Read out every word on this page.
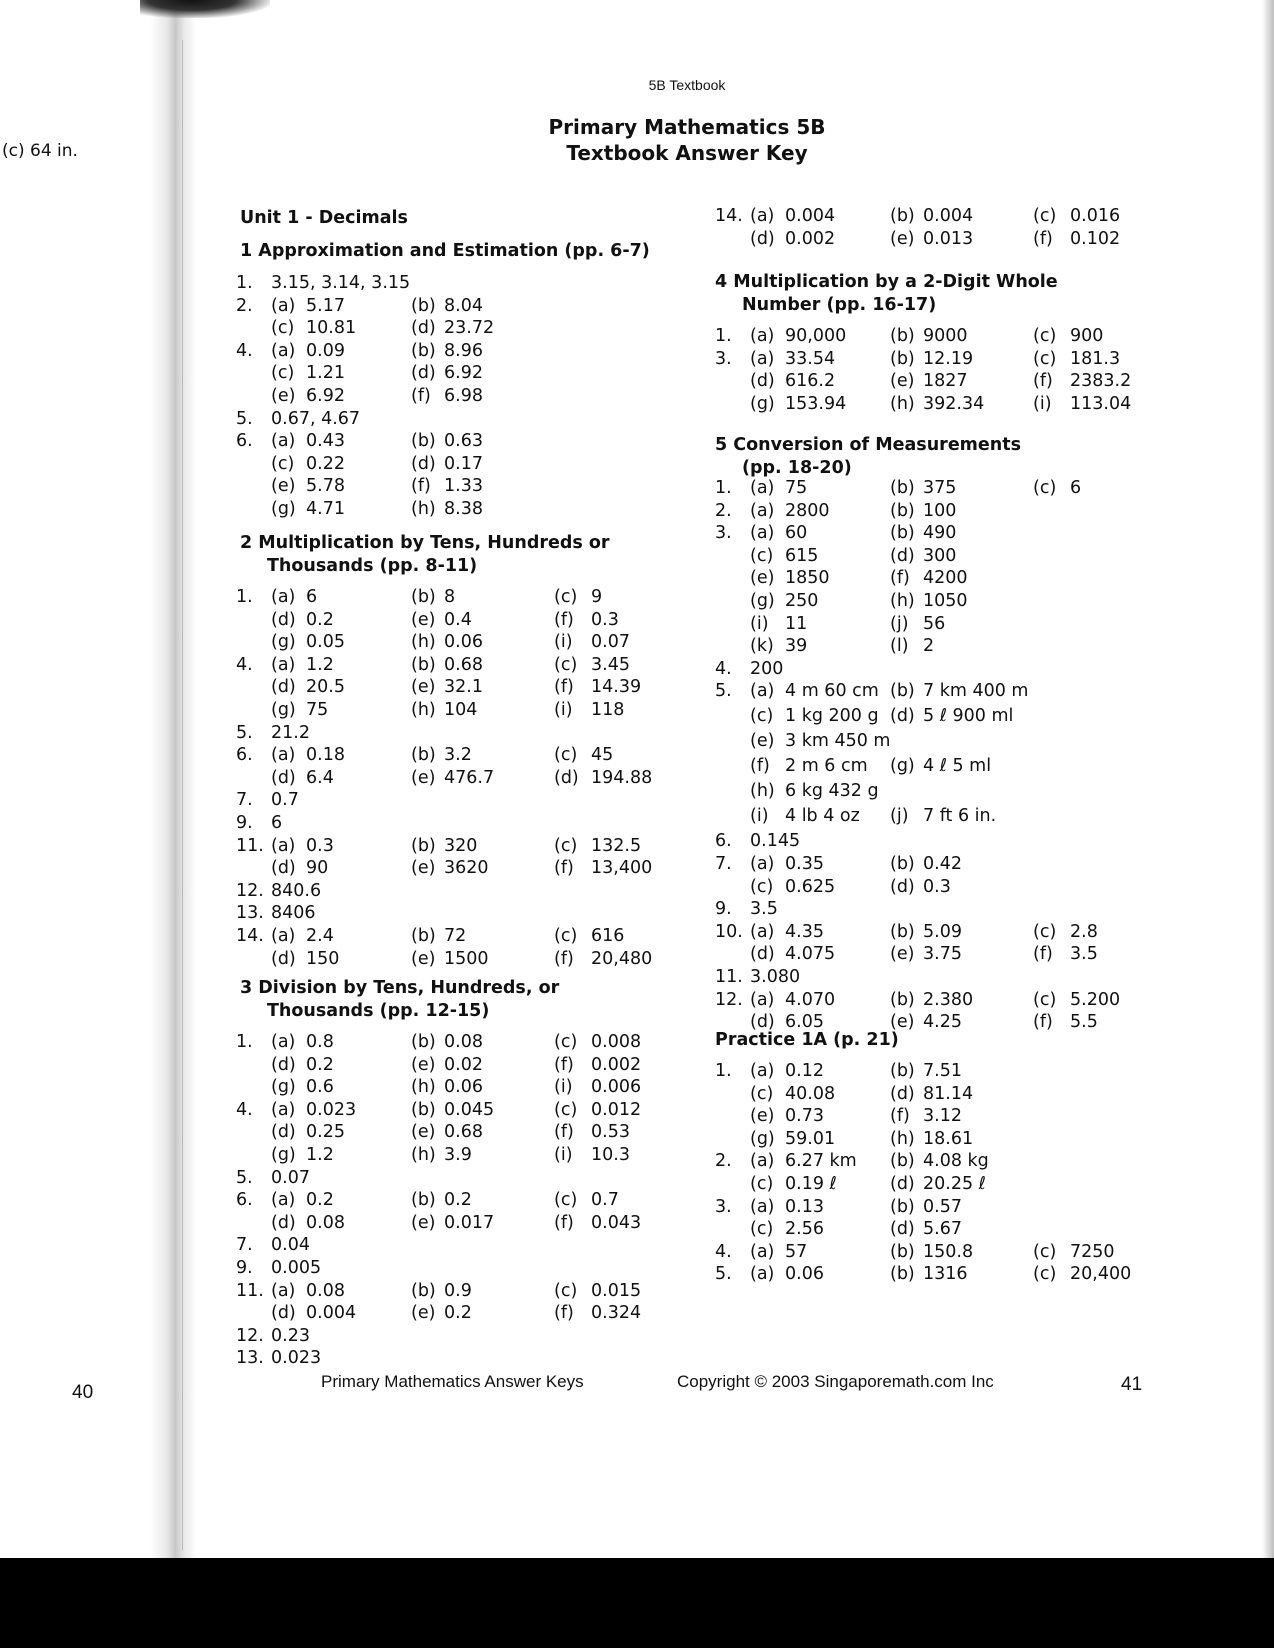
(c) 64 in.
40
5B Textbook
Primary Mathematics 5B
Textbook Answer Key
Unit 1 - Decimals
1 Approximation and Estimation (pp. 6-7)
1. 3.15, 3.14, 3.15
2. (a) 5.17	(b) 8.04
(c) 10.81	(d) 23.72
4. (a) 0.09	(b) 8.96
(c) 1.21	(d) 6.92
(e) 6.92	(f) 6.98
5. 0.67, 4.67
6. (a) 0.43	(b) 0.63
(c) 0.22	(d) 0.17
(e) 5.78	(f) 1.33
(g) 4.71	(h) 8.38
2 Multiplication by Tens, Hundreds or
Thousands (pp. 8-11)
1. (a) 6	(b) 8	(c) 9
(d) 0.2	(e) 0.4	(f) 0.3
(g) 0.05	(h) 0.06	(i) 0.07
4. (a) 1.2	(b) 0.68	(c) 3.45
(d) 20.5	(e) 32.1	(f) 14.39
(g) 75	(h) 104	(i) 118
5. 21.2
6. (a) 0.18	(b) 3.2	(c) 45
(d) 6.4	(e) 476.7	(d) 194.88
7. 0.7
9. 6
11. (a) 0.3	(b) 320	(c) 132.5
(d) 90	(e) 3620	(f) 13,400
12. 840.6
13. 8406
14. (a) 2.4	(b) 72	(c) 616
(d) 150	(e) 1500	(f) 20,480
3 Division by Tens, Hundreds, or
Thousands (pp. 12-15)
1. (a) 0.8	(b) 0.08	(c) 0.008
(d) 0.2	(e) 0.02	(f) 0.002
(g) 0.6	(h) 0.06	(i) 0.006
4. (a) 0.023	(b) 0.045	(c) 0.012
(d) 0.25	(e) 0.68	(f) 0.53
(g) 1.2	(h) 3.9	(i) 10.3
5. 0.07
6. (a) 0.2	(b) 0.2	(c) 0.7
(d) 0.08	(e) 0.017	(f) 0.043
7. 0.04
9. 0.005
11. (a) 0.08	(b) 0.9	(c) 0.015
(d) 0.004	(e) 0.2	(f) 0.324
12. 0.23
13. 0.023
14. (a) 0.004	(b) 0.004	(c) 0.016
(d) 0.002	(e) 0.013	(f) 0.102
4 Multiplication by a 2-Digit Whole
Number (pp. 16-17)
1. (a) 90,000	(b) 9000	(c) 900
3. (a) 33.54	(b) 12.19	(c) 181.3
(d) 616.2	(e) 1827	(f) 2383.2
(g) 153.94	(h) 392.34	(i) 113.04
5 Conversion of Measurements
(pp. 18-20)
1. (a) 75	(b) 375	(c) 6
2. (a) 2800	(b) 100
3. (a) 60	(b) 490
(c) 615	(d) 300
(e) 1850	(f) 4200
(g) 250	(h) 1050
(i) 11	(j) 56
(k) 39	(l) 2
4. 200
5. (a) 4 m 60 cm (b) 7 km 400 m
(c) 1 kg 200 g (d) 5 ℓ 900 ml
(e) 3 km 450 m
(f) 2 m 6 cm (g) 4 ℓ 5 ml
(h) 6 kg 432 g
(i) 4 lb 4 oz (j) 7 ft 6 in.
6. 0.145
7. (a) 0.35	(b) 0.42
(c) 0.625	(d) 0.3
9. 3.5
10. (a) 4.35	(b) 5.09	(c) 2.8
(d) 4.075	(e) 3.75	(f) 3.5
11. 3.080
12. (a) 4.070	(b) 2.380	(c) 5.200
(d) 6.05	(e) 4.25	(f) 5.5
Practice 1A (p. 21)
1. (a) 0.12	(b) 7.51
(c) 40.08	(d) 81.14
(e) 0.73	(f) 3.12
(g) 59.01	(h) 18.61
2. (a) 6.27 km (b) 4.08 kg
(c) 0.19 ℓ	(d) 20.25 ℓ
3. (a) 0.13	(b) 0.57
(c) 2.56	(d) 5.67
4. (a) 57	(b) 150.8	(c) 7250
5. (a) 0.06	(b) 1316	(c) 20,400
Primary Mathematics Answer Keys	Copyright © 2003 Singaporemath.com Inc	41
